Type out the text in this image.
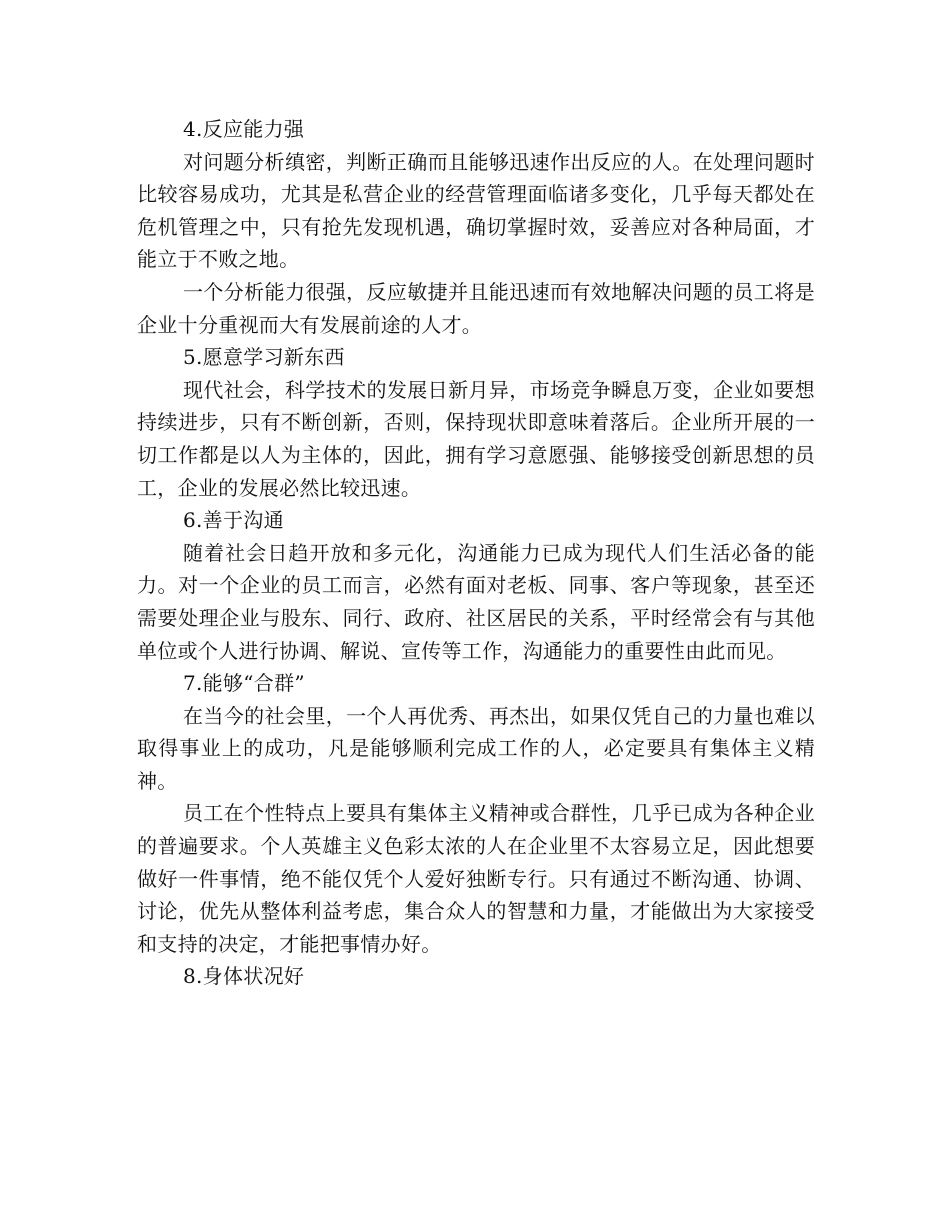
4.反应能力强

对问题分析缜密，判断正确而且能够迅速作出反应的人。在处理问题时比较容易成功，尤其是私营企业的经营管理面临诸多变化，几乎每天都处在危机管理之中，只有抢先发现机遇，确切掌握时效，妥善应对各种局面，才能立于不败之地。

一个分析能力很强，反应敏捷并且能迅速而有效地解决问题的员工将是企业十分重视而大有发展前途的人才。

5.愿意学习新东西

现代社会，科学技术的发展日新月异，市场竞争瞬息万变，企业如要想持续进步，只有不断创新，否则，保持现状即意味着落后。企业所开展的一切工作都是以人为主体的，因此，拥有学习意愿强、能够接受创新思想的员工，企业的发展必然比较迅速。

6.善于沟通

随着社会日趋开放和多元化，沟通能力已成为现代人们生活必备的能力。对一个企业的员工而言，必然有面对老板、同事、客户等现象，甚至还需要处理企业与股东、同行、政府、社区居民的关系，平时经常会有与其他单位或个人进行协调、解说、宣传等工作，沟通能力的重要性由此而见。

7.能够“合群”

在当今的社会里，一个人再优秀、再杰出，如果仅凭自己的力量也难以取得事业上的成功，凡是能够顺利完成工作的人，必定要具有集体主义精神。

员工在个性特点上要具有集体主义精神或合群性，几乎已成为各种企业的普遍要求。个人英雄主义色彩太浓的人在企业里不太容易立足，因此想要做好一件事情，绝不能仅凭个人爱好独断专行。只有通过不断沟通、协调、讨论，优先从整体利益考虑，集合众人的智慧和力量，才能做出为大家接受和支持的决定，才能把事情办好。

8.身体状况好
